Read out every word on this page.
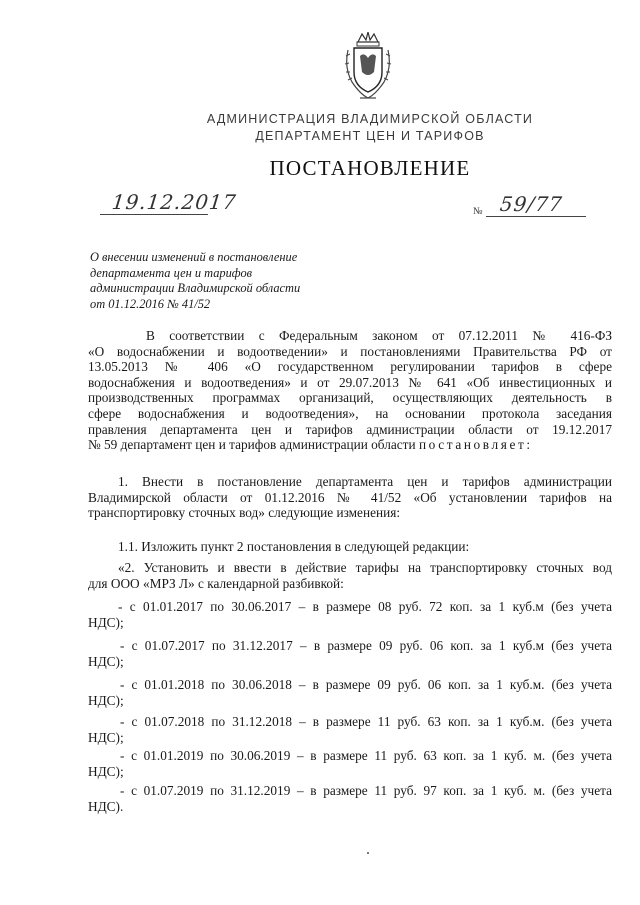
АДМИНИСТРАЦИЯ ВЛАДИМИРСКОЙ ОБЛАСТИ
ДЕПАРТАМЕНТ ЦЕН И ТАРИФОВ
ПОСТАНОВЛЕНИЕ
19.12.2017	№ 59/77
О внесении изменений в постановление
департамента цен и тарифов
администрации Владимирской области
от 01.12.2016 № 41/52
В соответствии с Федеральным законом от 07.12.2011 № 416-ФЗ
«О водоснабжении и водоотведении» и постановлениями Правительства РФ от
13.05.2013 № 406 «О государственном регулировании тарифов в сфере
водоснабжения и водоотведения» и от 29.07.2013 № 641 «Об инвестиционных и
производственных программах организаций, осуществляющих деятельность в
сфере водоснабжения и водоотведения», на основании протокола заседания
правления департамента цен и тарифов администрации области от 19.12.2017
№ 59 департамент цен и тарифов администрации области постановляет:
1. Внести в постановление департамента цен и тарифов администрации
Владимирской области от 01.12.2016 № 41/52 «Об установлении тарифов на
транспортировку сточных вод» следующие изменения:
1.1. Изложить пункт 2 постановления в следующей редакции:
«2. Установить и ввести в действие тарифы на транспортировку сточных вод
для ООО «МРЗ Л» с календарной разбивкой:
- с 01.01.2017 по 30.06.2017 – в размере 08 руб. 72 коп. за 1 куб.м (без учета
НДС);
- с 01.07.2017 по 31.12.2017 – в размере 09 руб. 06 коп. за 1 куб.м (без учета
НДС);
- с 01.01.2018 по 30.06.2018 – в размере 09 руб. 06 коп. за 1 куб.м. (без учета
НДС);
- с 01.07.2018 по 31.12.2018 – в размере 11 руб. 63 коп. за 1 куб.м. (без учета
НДС);
- с 01.01.2019 по 30.06.2019 – в размере 11 руб. 63 коп. за 1 куб. м. (без учета
НДС);
- с 01.07.2019 по 31.12.2019 – в размере 11 руб. 97 коп. за 1 куб. м. (без учета
НДС).
